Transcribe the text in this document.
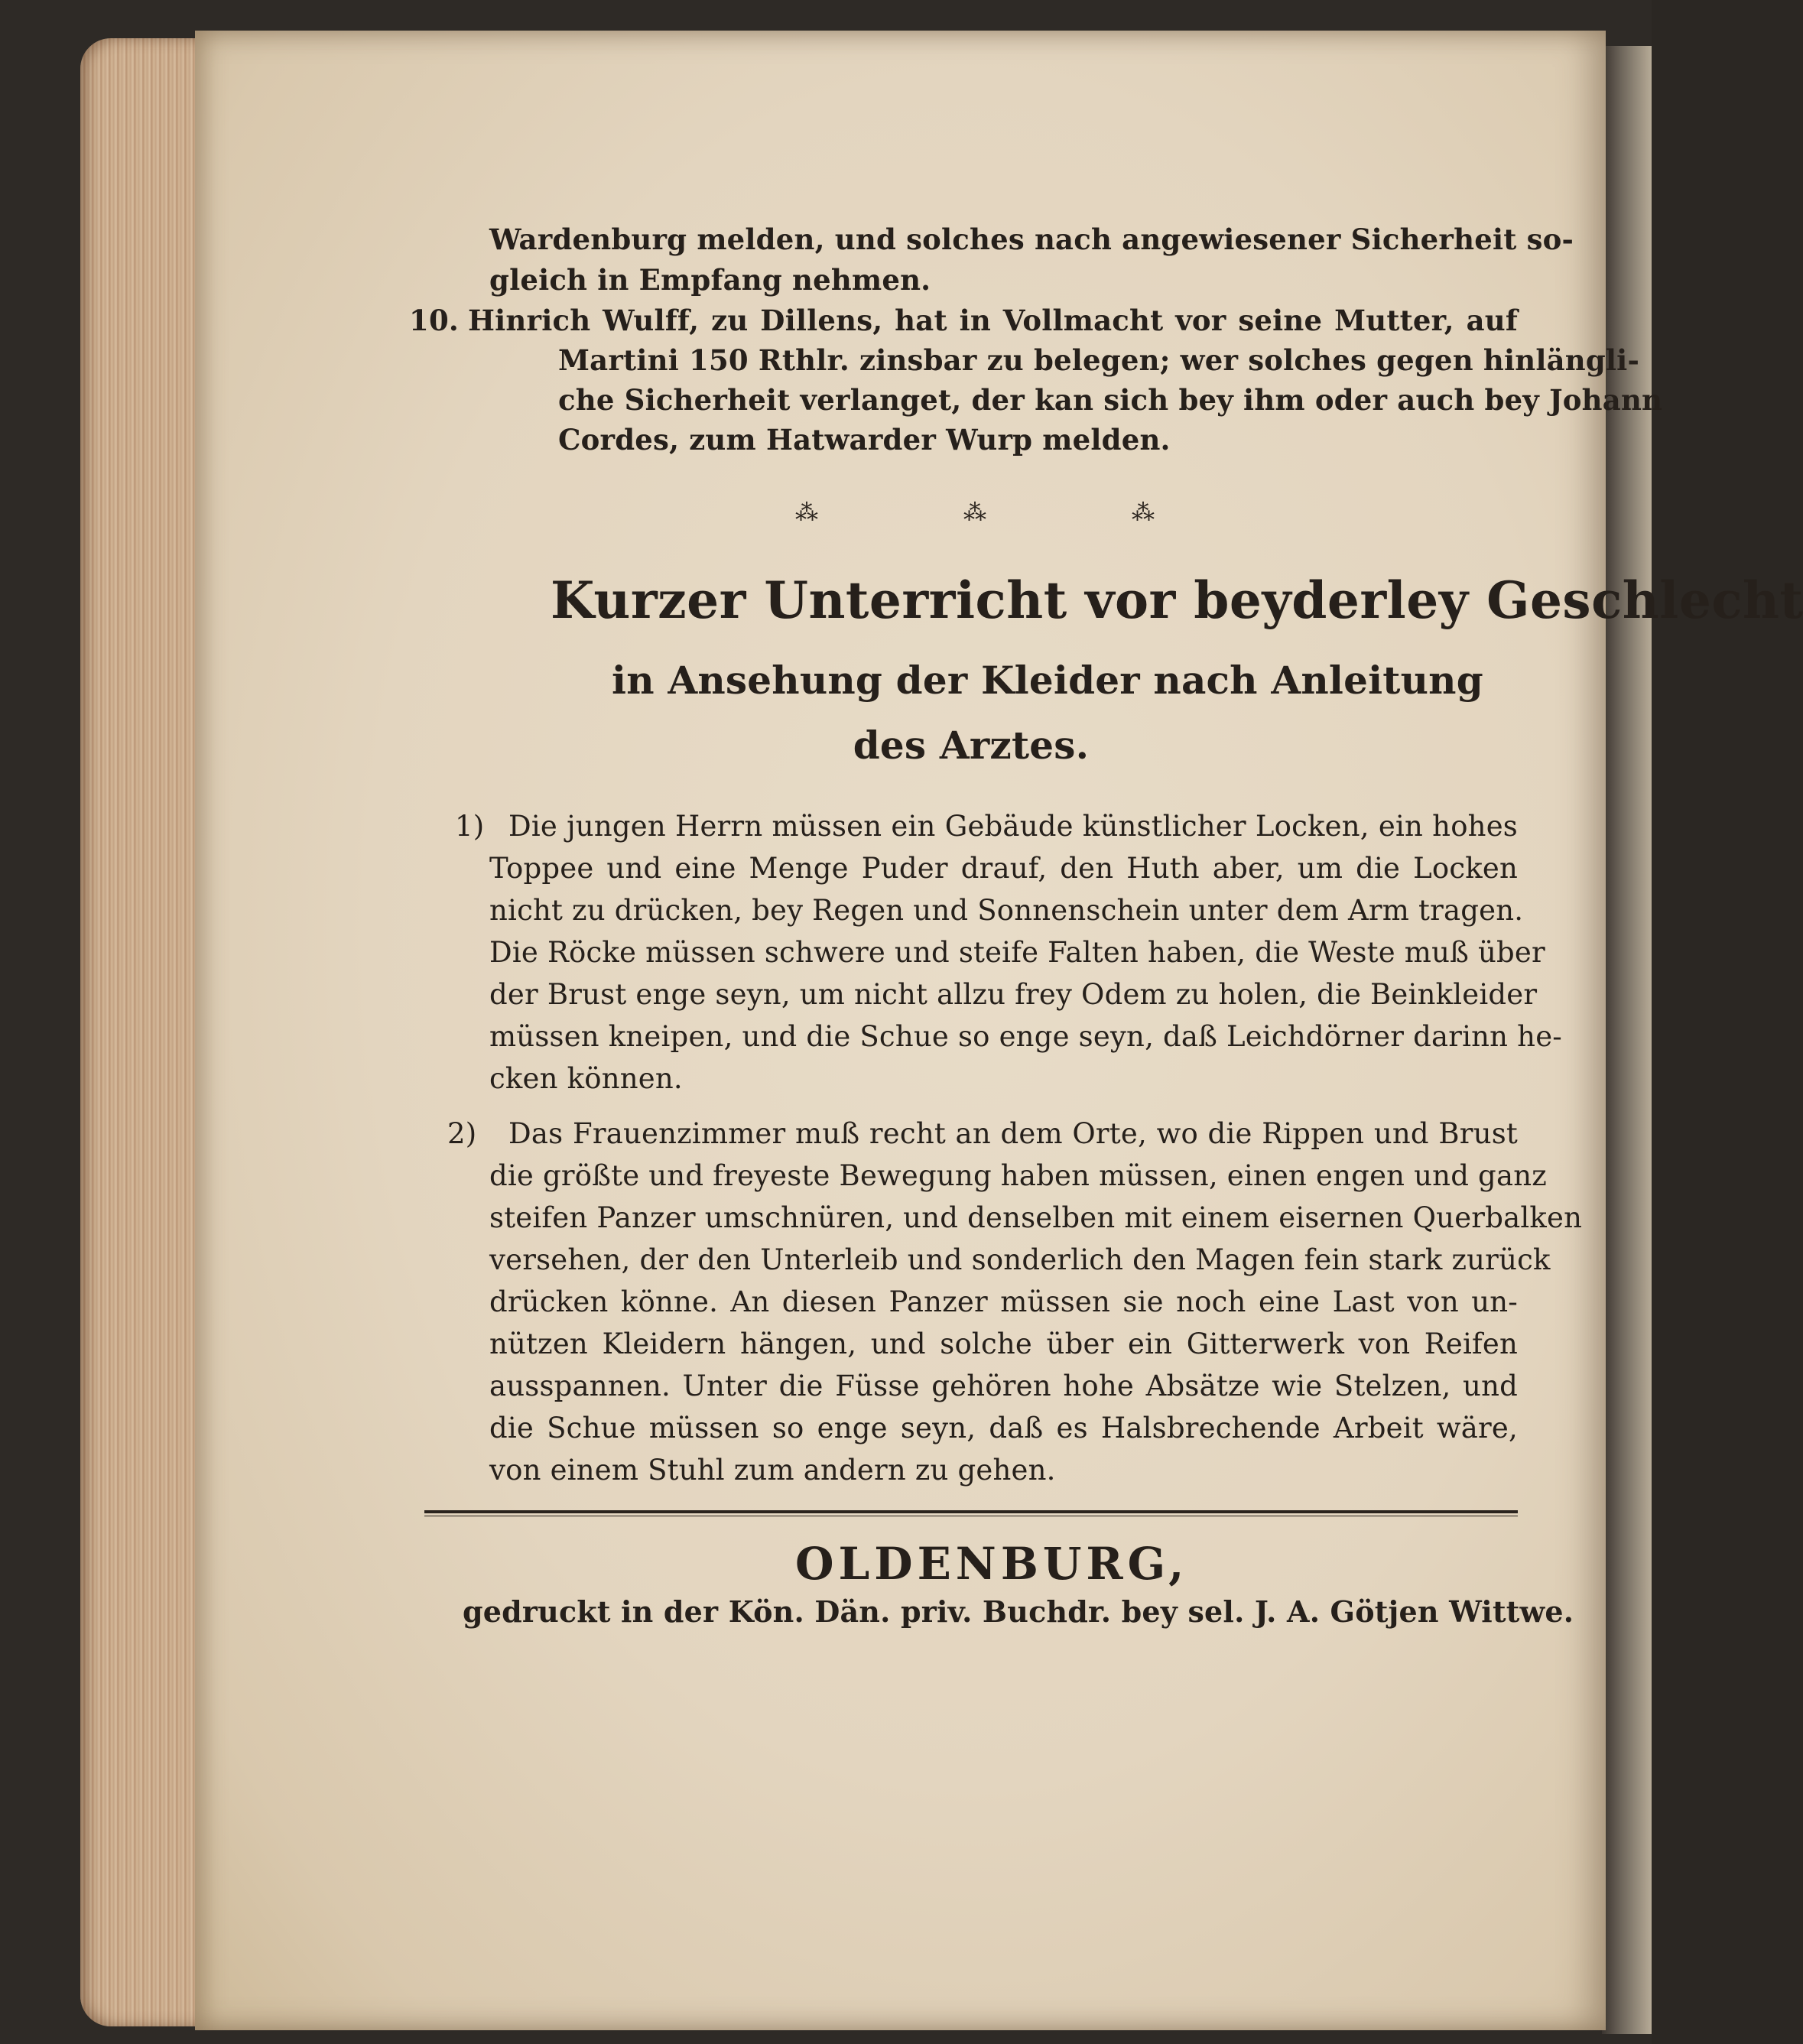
Wardenburg melden, und solches nach angewiesener Sicherheit so-
gleich in Empfang nehmen.
10. Hinrich Wulff, zu Dillens, hat in Vollmacht vor seine Mutter, auf
Martini 150 Rthlr. zinsbar zu belegen; wer solches gegen hinlängli-
che Sicherheit verlanget, der kan sich bey ihm oder auch bey Johann
Cordes, zum Hatwarder Wurp melden.
⁂	⁂	⁂
Kurzer Unterricht vor beyderley Geschlecht
in Ansehung der Kleider nach Anleitung
des Arztes.
1) Die jungen Herrn müssen ein Gebäude künstlicher Locken, ein hohes
Toppee und eine Menge Puder drauf, den Huth aber, um die Locken
nicht zu drücken, bey Regen und Sonnenschein unter dem Arm tragen.
Die Röcke müssen schwere und steife Falten haben, die Weste muß über
der Brust enge seyn, um nicht allzu frey Odem zu holen, die Beinkleider
müssen kneipen, und die Schue so enge seyn, daß Leichdörner darinn he-
cken können.
2)	Das Frauenzimmer muß recht an dem Orte, wo die Rippen und Brust
die größte und freyeste Bewegung haben müssen, einen engen und ganz
steifen Panzer umschnüren, und denselben mit einem eisernen Querbalken
versehen, der den Unterleib und sonderlich den Magen fein stark zurück
drücken könne. An diesen Panzer müssen sie noch eine Last von un-
nützen Kleidern hängen, und solche über ein Gitterwerk von Reifen
ausspannen. Unter die Füsse gehören hohe Absätze wie Stelzen, und
die Schue müssen so enge seyn, daß es Halsbrechende Arbeit wäre,
von einem Stuhl zum andern zu gehen.
OLDENBURG,
gedruckt in der Kön. Dän. priv. Buchdr. bey sel. J. A. Götjen Wittwe.
